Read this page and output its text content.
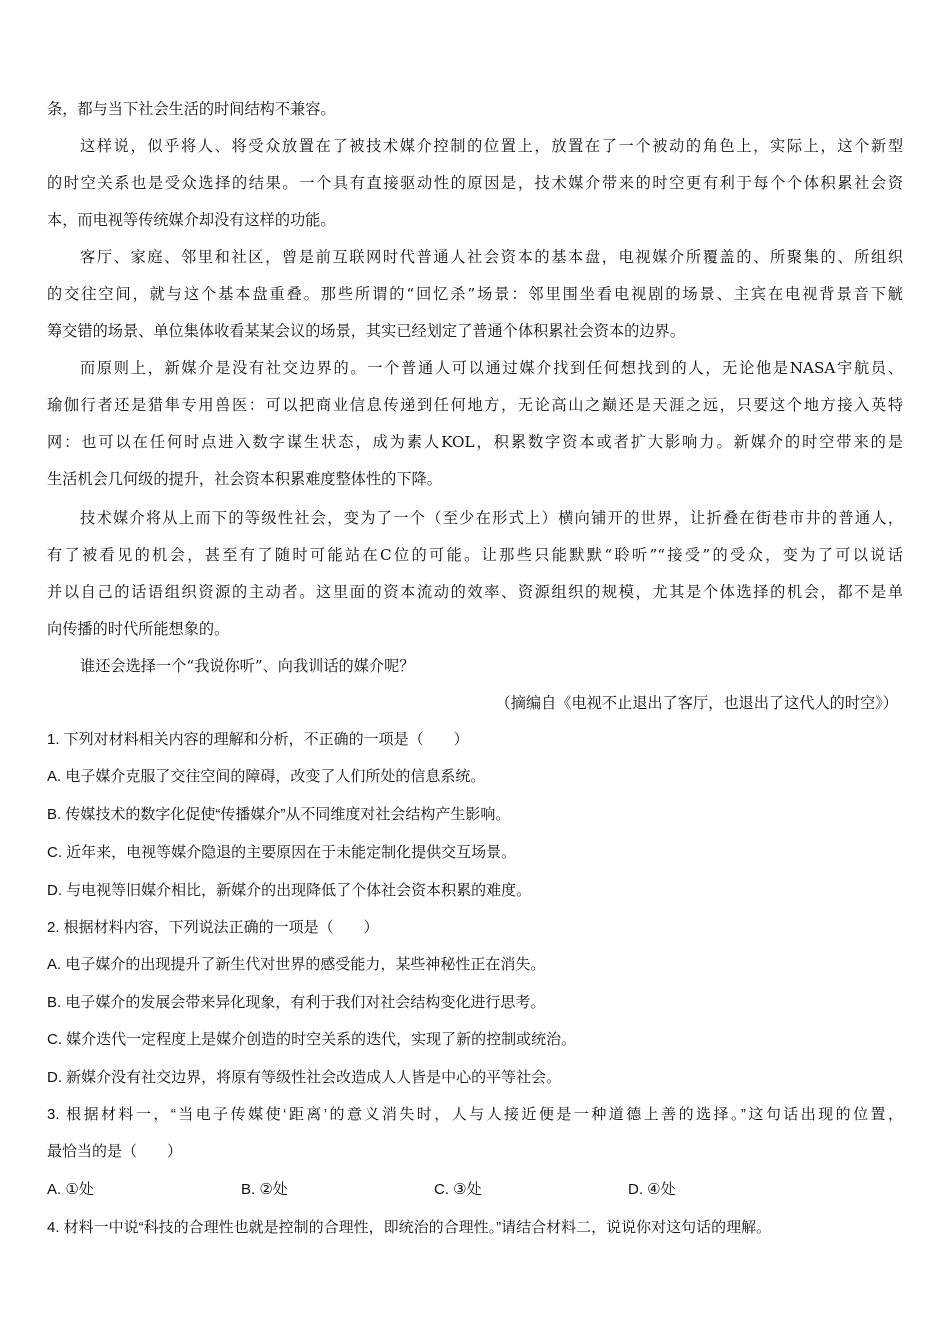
条，都与当下社会生活的时间结构不兼容。
这样说，似乎将人、将受众放置在了被技术媒介控制的位置上，放置在了一个被动的角色上，实际上，这个新型
的时空关系也是受众选择的结果。一个具有直接驱动性的原因是，技术媒介带来的时空更有利于每个个体积累社会资
本，而电视等传统媒介却没有这样的功能。
客厅、家庭、邻里和社区，曾是前互联网时代普通人社会资本的基本盘，电视媒介所覆盖的、所聚集的、所组织
的交往空间，就与这个基本盘重叠。那些所谓的“回忆杀”场景：邻里围坐看电视剧的场景、主宾在电视背景音下觥
筹交错的场景、单位集体收看某某会议的场景，其实已经划定了普通个体积累社会资本的边界。
而原则上，新媒介是没有社交边界的。一个普通人可以通过媒介找到任何想找到的人，无论他是NASA宇航员、
瑜伽行者还是猎隼专用兽医：可以把商业信息传递到任何地方，无论高山之巅还是天涯之远，只要这个地方接入英特
网：也可以在任何时点进入数字谋生状态，成为素人KOL，积累数字资本或者扩大影响力。新媒介的时空带来的是
生活机会几何级的提升，社会资本积累难度整体性的下降。
技术媒介将从上而下的等级性社会，变为了一个（至少在形式上）横向铺开的世界，让折叠在街巷市井的普通人，
有了被看见的机会，甚至有了随时可能站在C位的可能。让那些只能默默“聆听”“接受”的受众，变为了可以说话
并以自己的话语组织资源的主动者。这里面的资本流动的效率、资源组织的规模，尤其是个体选择的机会，都不是单
向传播的时代所能想象的。
谁还会选择一个“我说你听”、向我训话的媒介呢？
（摘编自《电视不止退出了客厅，也退出了这代人的时空》）
1. 下列对材料相关内容的理解和分析，不正确的一项是（　　）
A. 电子媒介克服了交往空间的障碍，改变了人们所处的信息系统。
B. 传媒技术的数字化促使“传播媒介”从不同维度对社会结构产生影响。
C. 近年来，电视等媒介隐退的主要原因在于未能定制化提供交互场景。
D. 与电视等旧媒介相比，新媒介的出现降低了个体社会资本积累的难度。
2. 根据材料内容，下列说法正确的一项是（　　）
A. 电子媒介的出现提升了新生代对世界的感受能力，某些神秘性正在消失。
B. 电子媒介的发展会带来异化现象，有利于我们对社会结构变化进行思考。
C. 媒介迭代一定程度上是媒介创造的时空关系的迭代，实现了新的控制或统治。
D. 新媒介没有社交边界，将原有等级性社会改造成人人皆是中心的平等社会。
3. 根据材料一，“当电子传媒使‘距离’的意义消失时，人与人接近便是一种道德上善的选择。”这句话出现的位置，
最恰当的是（　　）
A. ①处	B. ②处	C. ③处	D. ④处
4. 材料一中说“科技的合理性也就是控制的合理性，即统治的合理性。”请结合材料二，说说你对这句话的理解。
